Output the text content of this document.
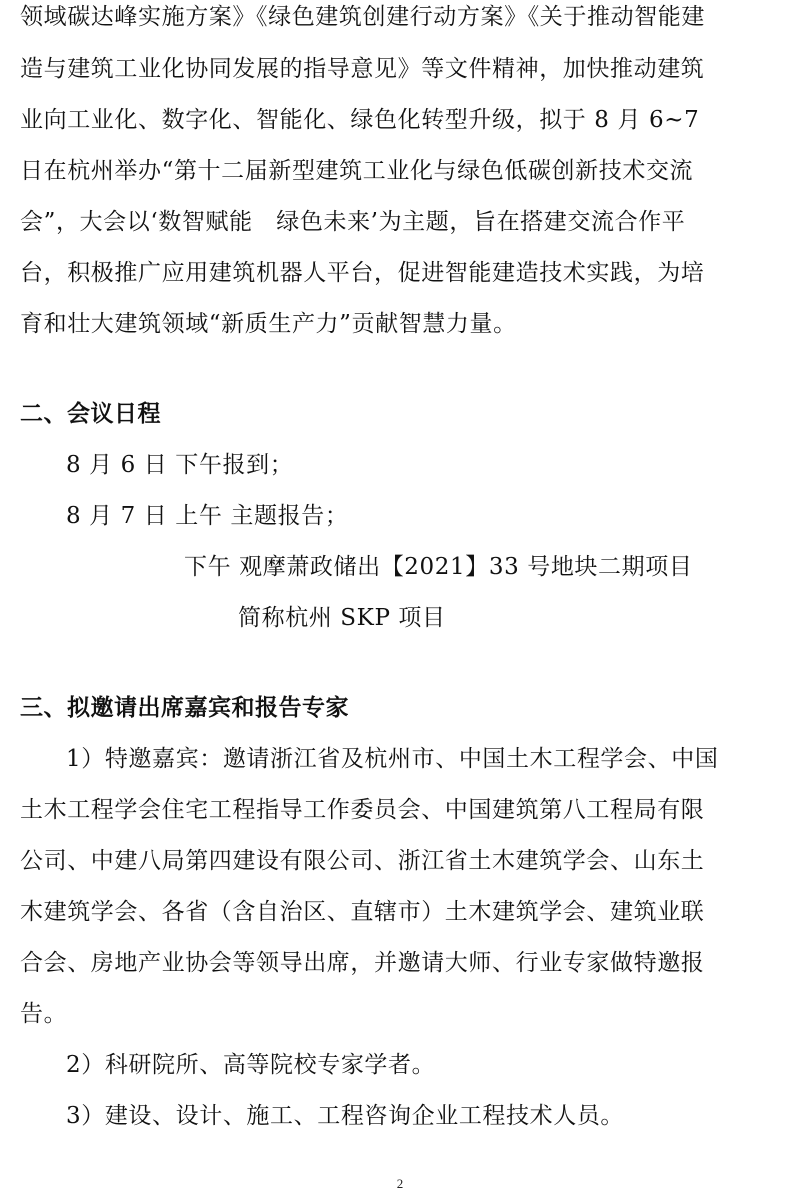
领域碳达峰实施方案》《绿色建筑创建行动方案》《关于推动智能建
造与建筑工业化协同发展的指导意见》等文件精神，加快推动建筑
业向工业化、数字化、智能化、绿色化转型升级，拟于 8 月 6~7
日在杭州举办“第十二届新型建筑工业化与绿色低碳创新技术交流
会”，大会以‘数智赋能　绿色未来’为主题，旨在搭建交流合作平
台，积极推广应用建筑机器人平台，促进智能建造技术实践，为培
育和壮大建筑领域“新质生产力”贡献智慧力量。
二、会议日程
8 月 6 日 下午报到；
8 月 7 日 上午 主题报告；
下午 观摩萧政储出【2021】33 号地块二期项目
简称杭州 SKP 项目
三、拟邀请出席嘉宾和报告专家
1）特邀嘉宾：邀请浙江省及杭州市、中国土木工程学会、中国
土木工程学会住宅工程指导工作委员会、中国建筑第八工程局有限
公司、中建八局第四建设有限公司、浙江省土木建筑学会、山东土
木建筑学会、各省（含自治区、直辖市）土木建筑学会、建筑业联
合会、房地产业协会等领导出席，并邀请大师、行业专家做特邀报
告。
2）科研院所、高等院校专家学者。
3）建设、设计、施工、工程咨询企业工程技术人员。
2
